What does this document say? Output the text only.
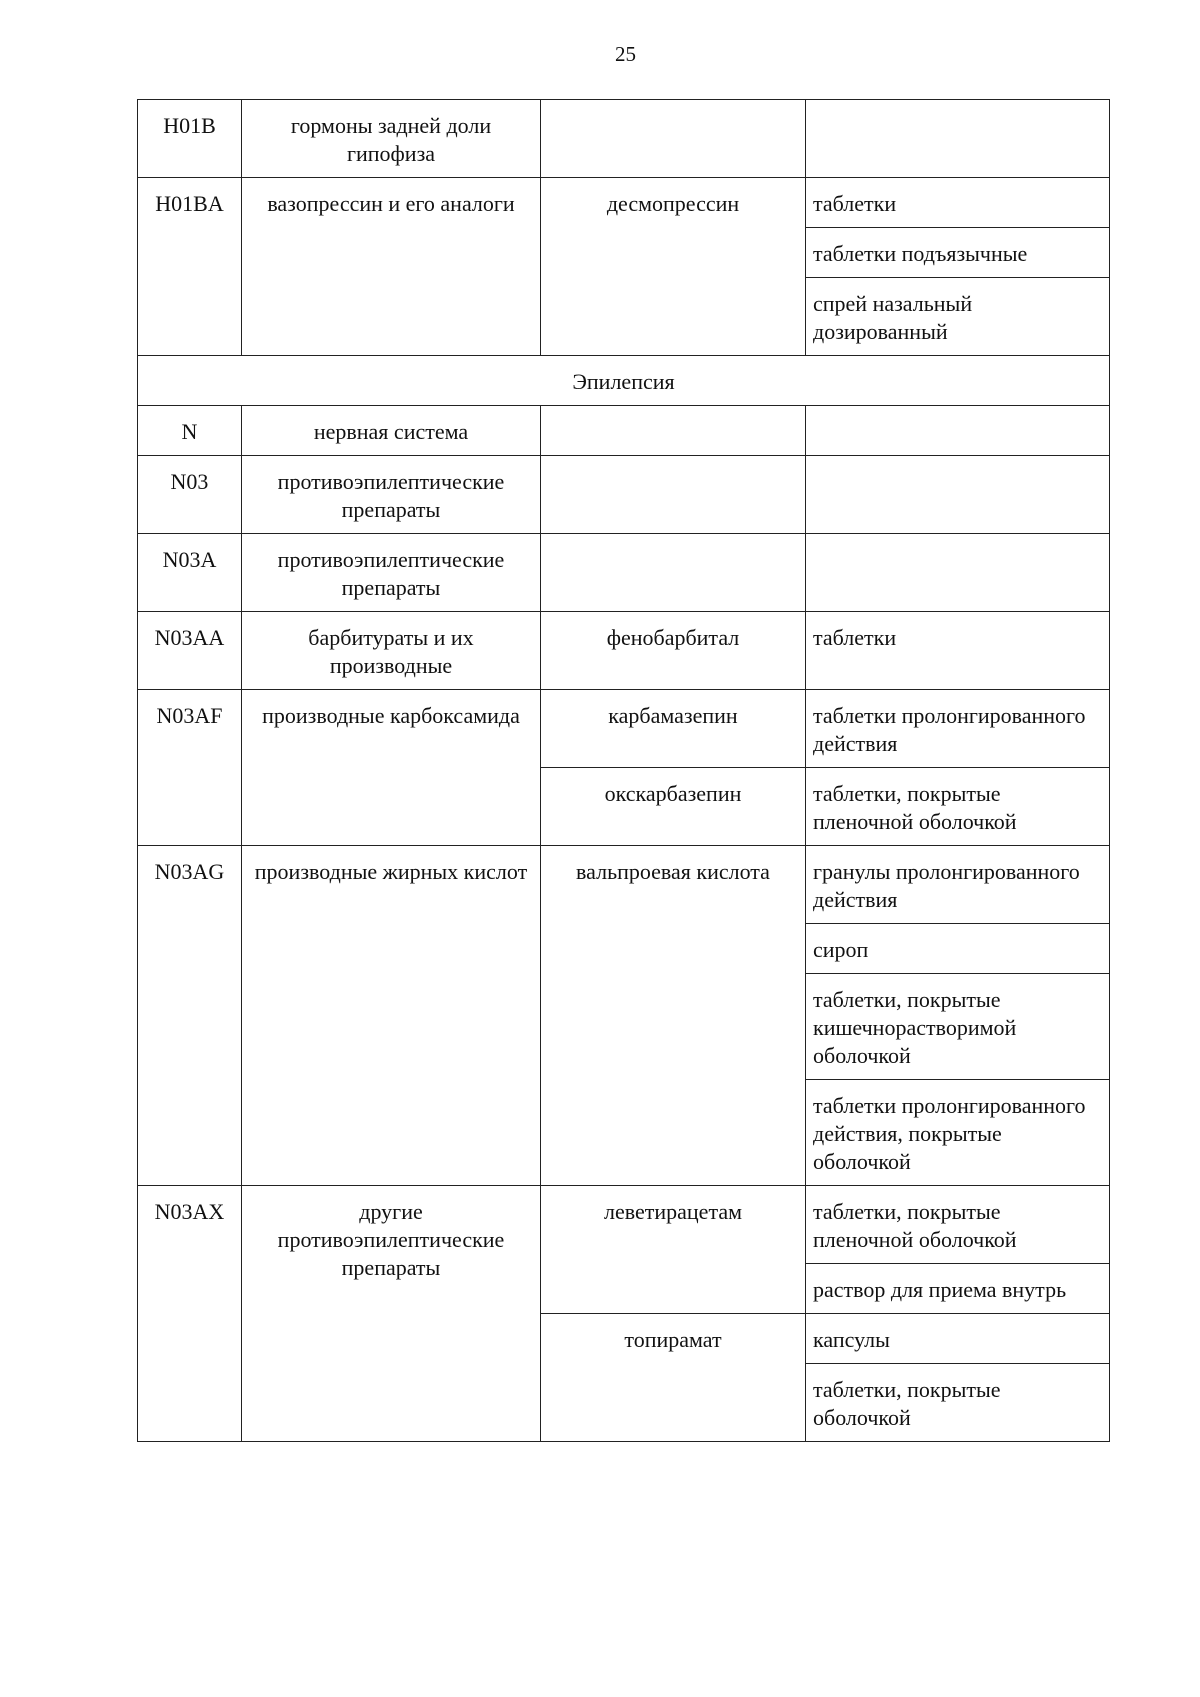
25
H01B	гормоны задней доли гипофиза		
H01BA	вазопрессин и его аналоги	десмопрессин	таблетки
			таблетки подъязычные
			спрей назальный дозированный
Эпилепсия			
N	нервная система		
N03	противоэпилептические препараты		
N03A	противоэпилептические препараты		
N03AA	барбитураты и их производные	фенобарбитал	таблетки
N03AF	производные карбоксамида	карбамазепин	таблетки пролонгированного действия
		окскарбазепин	таблетки, покрытые пленочной оболочкой
N03AG	производные жирных кислот	вальпроевая кислота	гранулы пролонгированного действия
			сироп
			таблетки, покрытые кишечнорастворимой оболочкой
			таблетки пролонгированного действия, покрытые оболочкой
N03AX	другие противоэпилептические препараты	леветирацетам	таблетки, покрытые пленочной оболочкой
			раствор для приема внутрь
		топирамат	капсулы
			таблетки, покрытые оболочкой
